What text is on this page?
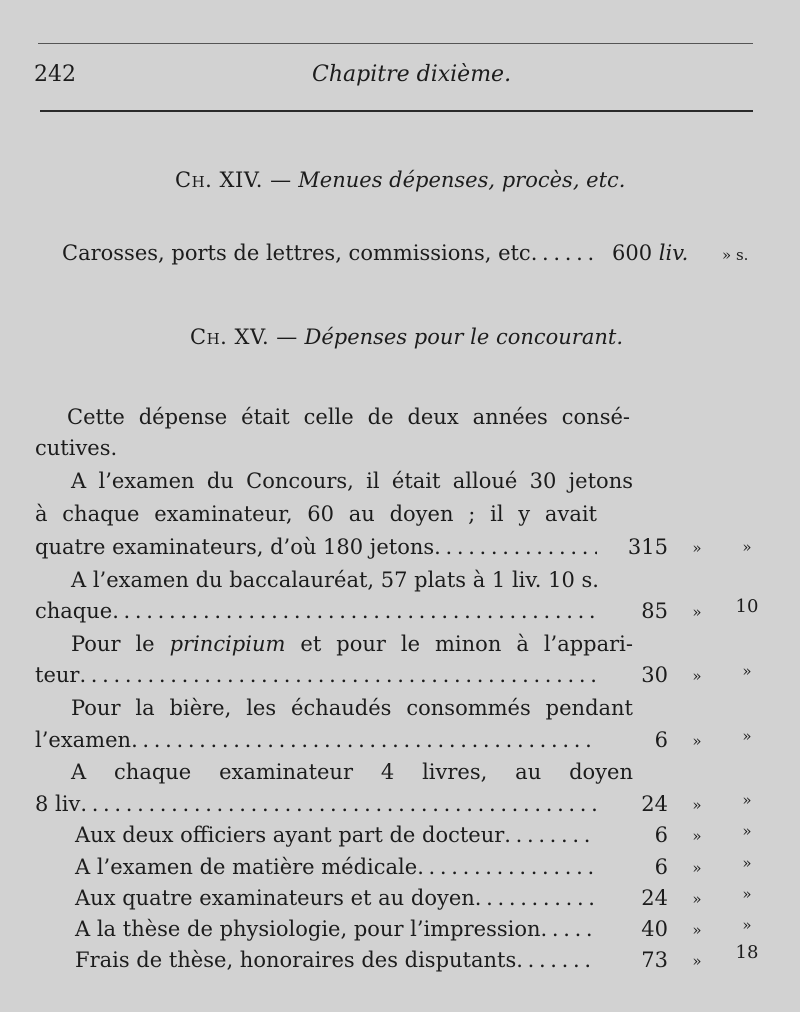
242	Chapitre dixième.
Ch. XIV. — Menues dépenses, procès, etc.
Carosses, ports de lettres, commissions, etc . . .	600 liv. » s.
Ch. XV. — Dépenses pour le concourant.
Cette dépense était celle de deux années consé-
cutives.
A l’examen du Concours, il était alloué 30 jetons
à chaque examinateur, 60 au doyen ; il y avait
quatre examinateurs, d’où 180 jetons . . .	315	»	»
A l’examen du baccalauréat, 57 plats à 1 liv. 10 s.
chaque . . .	85	»	10
Pour le principium et pour le minon à l’appari-
teur . . .	30	»	»
Pour la bière, les échaudés consommés pendant
l’examen . . .	6	»	»
A chaque examinateur 4 livres, au doyen
8 liv . . .	24	»	»
Aux deux officiers ayant part de docteur . . .	6	»	»
A l’examen de matière médicale . . .	6	»	»
Aux quatre examinateurs et au doyen . . .	24	»	»
A la thèse de physiologie, pour l’impression . . .	40	»	»
Frais de thèse, honoraires des disputants . . .	73	»	18
